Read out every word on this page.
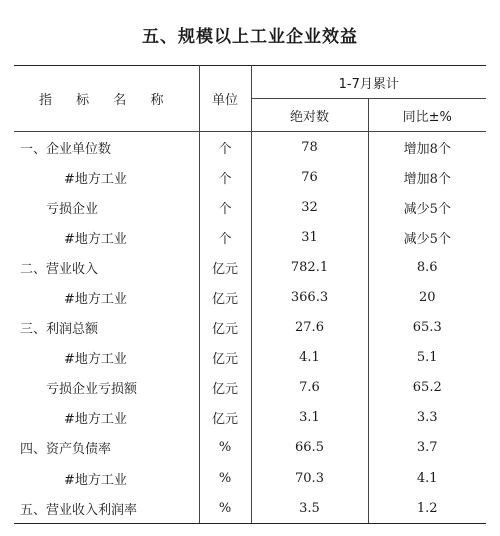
五、规模以上工业企业效益
指 标 名 称	单位	1-7月累计	
		绝对数	同比±%
一、企业单位数	个	78	增加8个
#地方工业	个	76	增加8个
亏损企业	个	32	减少5个
#地方工业	个	31	减少5个
二、营业收入	亿元	782.1	8.6
#地方工业	亿元	366.3	20
三、利润总额	亿元	27.6	65.3
#地方工业	亿元	4.1	5.1
亏损企业亏损额	亿元	7.6	65.2
#地方工业	亿元	3.1	3.3
四、资产负债率	%	66.5	3.7
#地方工业	%	70.3	4.1
五、营业收入利润率	%	3.5	1.2
